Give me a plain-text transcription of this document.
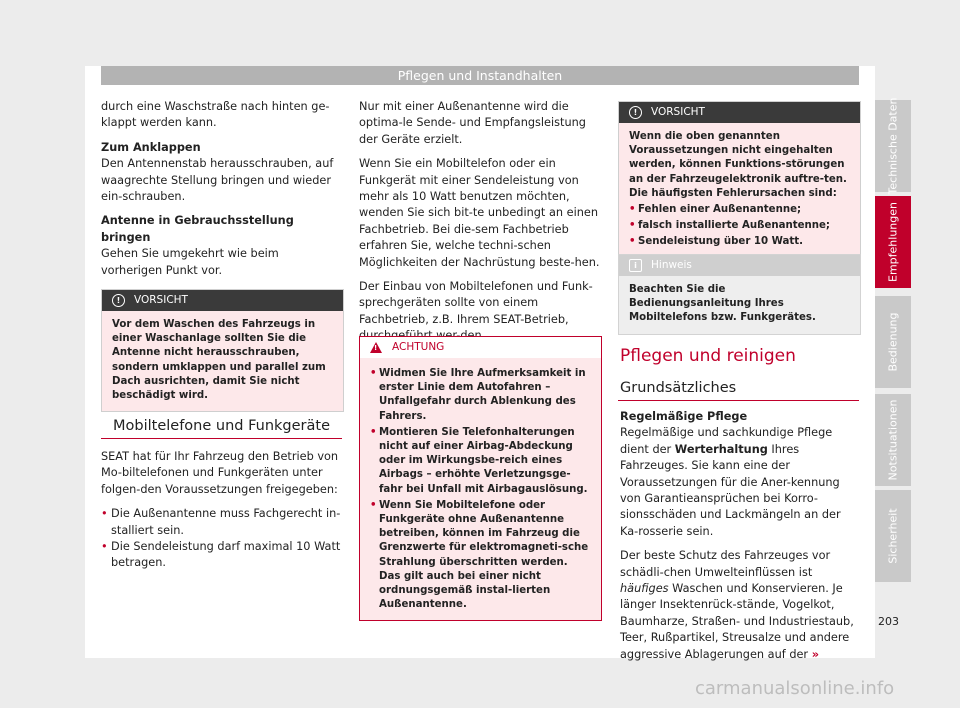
Pflegen und Instandhalten

durch eine Waschstraße nach hinten ge-klappt werden kann.

Zum Anklappen

Den Antennenstab herausschrauben, auf waagrechte Stellung bringen und wieder ein-schrauben.

Antenne in Gebrauchsstellung bringen

Gehen Sie umgekehrt wie beim vorherigen Punkt vor.

!	VORSICHT
Vor dem Waschen des Fahrzeugs in einer Waschanlage sollten Sie die Antenne nicht herausschrauben, sondern umklappen und parallel zum Dach ausrichten, damit Sie nicht beschädigt wird.
Mobiltelefone und Funkgeräte

SEAT hat für Ihr Fahrzeug den Betrieb von Mo-biltelefonen und Funkgeräten unter folgen-den Voraussetzungen freigegeben:

• Die Außenantenne muss Fachgerecht in-stalliert sein.
• Die Sendeleistung darf maximal 10 Watt betragen.

Nur mit einer Außenantenne wird die optima-le Sende- und Empfangsleistung der Geräte erzielt.

Wenn Sie ein Mobiltelefon oder ein Funkgerät mit einer Sendeleistung von mehr als 10 Watt benutzen möchten, wenden Sie sich bit-te unbedingt an einen Fachbetrieb. Bei die-sem Fachbetrieb erfahren Sie, welche techni-schen Möglichkeiten der Nachrüstung beste-hen.

Der Einbau von Mobiltelefonen und Funk-sprechgeräten sollte von einem Fachbetrieb, z.B. Ihrem SEAT-Betrieb,

! ACHTUNG
• Widmen Sie Ihre Aufmerksamkeit in erster Linie dem Autofahren – Unfallgefahr durch Ablenkung des Fahrers.
• Montieren Sie Telefonhalterungen nicht auf einer Airbag-Abdeckung oder im Wirkungsbe-reich eines Airbags – erhöhte Verletzungsge-fahr bei Unfall mit Airbagauslösung.
• Wenn Sie Mobiltelefone oder Funkgeräte ohne Außenantenne betreiben, können im Fahrzeug die Grenzwerte für elektromagneti-sche Strahlung überschritten werden. Das gilt auch bei einer nicht ordnungsgemäß instal-lierten Außenantenne.
!	VORSICHT
Wenn die oben genannten Voraussetzungen nicht eingehalten werden, können Funktions-störungen an der Fahrzeugelektronik auftre-ten. Die häufigsten Fehlerursachen sind:
• Fehlen einer Außenantenne;
• falsch installierte Außenantenne;
• Sendeleistung über 10 Watt.
i	Hinweis
Beachten Sie die Bedienungsanleitung Ihres Mobiltelefons bzw. Funkgerätes.
Pflegen und reinigen
Grundsätzliches

Regelmäßige Pflege

Regelmäßige und sachkundige Pflege dient der Werterhaltung Ihres Fahrzeuges. Sie kann eine der Voraussetzungen für die Aner-kennung von Garantieansprüchen bei Korro-sionsschäden und Lackmängeln an der Ka-rosserie sein.

Der beste Schutz des Fahrzeuges vor schädli-chen Umwelteinflüssen ist häufiges Waschen und Konservieren. Je länger Insektenrück-stände, Vogelkot, Baumharze, Straßen- und Industriestaub, Teer, Rußpartikel, Streusalze und andere aggressive Ablagerungen auf der »

Technische Daten
Empfehlungen
Bedienung
Notsituationen
Sicherheit
203
carmanualsonline.info
